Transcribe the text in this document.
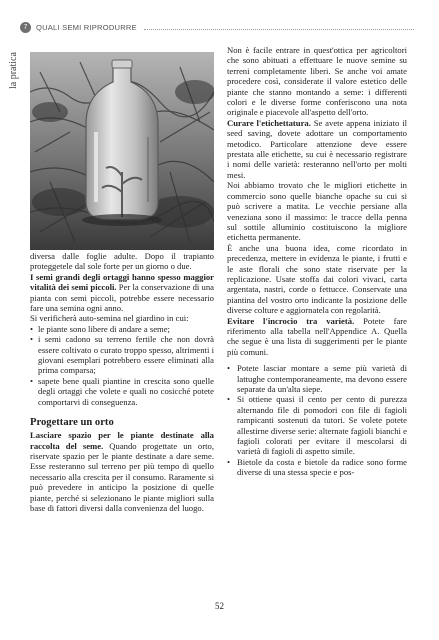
7	QUALI SEMI RIPRODURRE
la pratica

diversa dalle foglie adulte. Dopo il trapianto proteggetele dal sole forte per un giorno o due.

I semi grandi degli ortaggi hanno spesso maggior vitalità dei semi piccoli. Per la conservazione di una pianta con semi piccoli, potrebbe essere necessario fare una semina ogni anno.

Si verificherà auto-semina nel giardino in cui:

• le piante sono libere di andare a seme;
• i semi cadono su terreno fertile che non dovrà essere coltivato o curato troppo spesso, altrimenti i giovani esemplari potrebbero essere eliminati alla prima comparsa;
• sapete bene quali piantine in crescita sono quelle degli ortaggi che volete e quali no cosicché potete comportarvi di conseguenza.

Progettare un orto

Lasciare spazio per le piante destinate alla raccolta del seme. Quando progettate un orto, riservate spazio per le piante destinate a dare seme. Esse resteranno sul terreno per più tempo di quello necessario alla crescita per il consumo. Raramente si può prevedere in anticipo la posizione di quelle piante, perché si selezionano le piante migliori sulla base di fattori diversi dalla convenienza del luogo.

Non è facile entrare in quest'ottica per agricoltori che sono abituati a effettuare le nuove semine su terreni completamente liberi. Se anche voi amate procedere così, considerate il valore estetico delle piante che stanno montando a seme: i differenti colori e le diverse forme conferiscono una nota originale e piacevole all'aspetto dell'orto.

Curare l'etichettatura. Se avete appena iniziato il seed saving, dovete adottare un comportamento metodico. Particolare attenzione deve essere prestata alle etichette, su cui è necessario registrare i nomi delle varietà: resteranno nell'orto per molti mesi.

Noi abbiamo trovato che le migliori etichette in commercio sono quelle bianche opache su cui si può scrivere a matita. Le vecchie persiane alla veneziana sono il massimo: le tracce della penna sul sottile alluminio costituiscono la migliore etichetta permanente.

È anche una buona idea, come ricordato in precedenza, mettere in evidenza le piante, i frutti e le aste florali che sono state riservate per la replicazione. Usate stoffa dai colori vivaci, carta argentata, nastri, corde o fettucce. Conservate una piantina del vostro orto indicante la posizione delle diverse colture e aggiornatela con regolarità.

Evitare l'incrocio tra varietà. Potete fare riferimento alla tabella nell'Appendice A. Quella che segue è una lista di suggerimenti per le piante più comuni.

• Potete lasciar montare a seme più varietà di lattughe contemporaneamente, ma devono essere separate da un'alta siepe.
• Si ottiene quasi il cento per cento di purezza alternando file di pomodori con file di fagioli rampicanti sostenuti da tutori. Se volete potete allestirne diverse serie: alternate fagioli bianchi e fagioli colorati per evitare il mescolarsi di varietà di fagioli di aspetto simile.
• Bietole da costa e bietole da radice sono forme diverse di una stessa specie e pos-
52
